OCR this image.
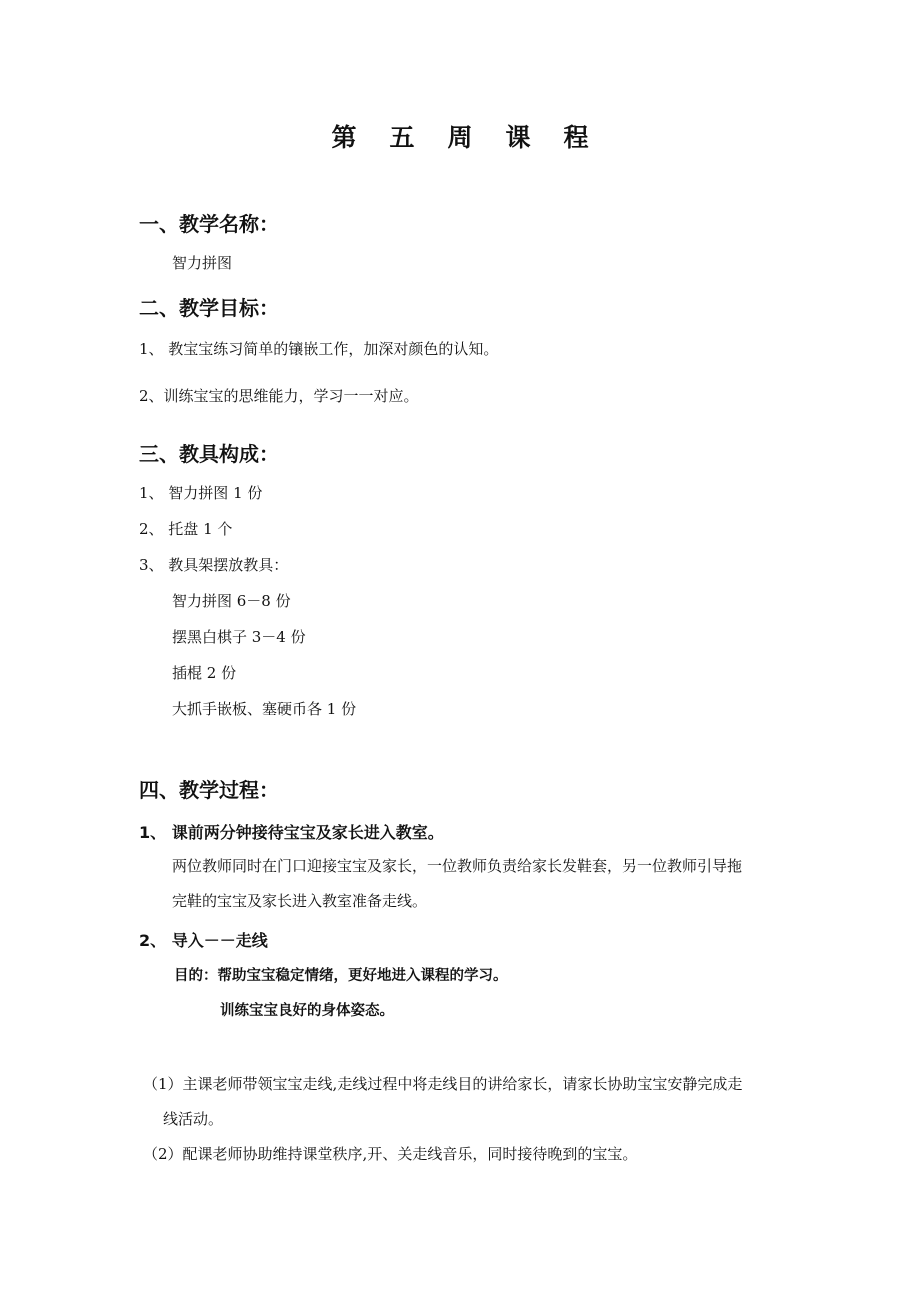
第五周课程
一、教学名称：
智力拼图
二、教学目标：
1、 教宝宝练习简单的镶嵌工作，加深对颜色的认知。
2、训练宝宝的思维能力，学习一一对应。
三、教具构成：
1、 智力拼图 1 份
2、 托盘 1 个
3、 教具架摆放教具：
智力拼图 6－8 份
摆黑白棋子 3－4 份
插棍 2 份
大抓手嵌板、塞硬币各 1 份
四、教学过程：
1、 课前两分钟接待宝宝及家长进入教室。
两位教师同时在门口迎接宝宝及家长，一位教师负责给家长发鞋套，另一位教师引导拖
完鞋的宝宝及家长进入教室准备走线。
2、 导入－－走线
目的：帮助宝宝稳定情绪，更好地进入课程的学习。
训练宝宝良好的身体姿态。
（1）主课老师带领宝宝走线,走线过程中将走线目的讲给家长，请家长协助宝宝安静完成走
线活动。
（2）配课老师协助维持课堂秩序,开、关走线音乐，同时接待晚到的宝宝。
